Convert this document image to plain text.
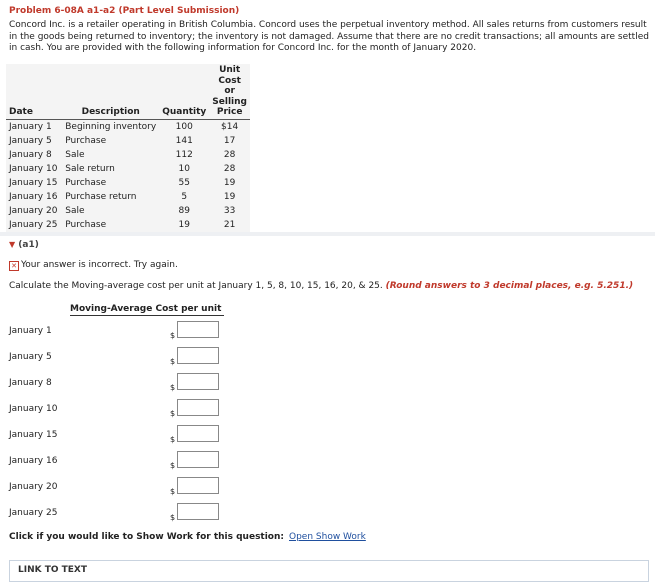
Problem 6-08A a1-a2 (Part Level Submission)
Concord Inc. is a retailer operating in British Columbia. Concord uses the perpetual inventory method. All sales returns from customers result in the goods being returned to inventory; the inventory is not damaged. Assume that there are no credit transactions; all amounts are settled in cash. You are provided with the following information for Concord Inc. for the month of January 2020.
Date	Description	Quantity	Unit
Cost or
Selling
Price

January 1	Beginning inventory	100	$14
January 5	Purchase	141	17
January 8	Sale	112	28
January 10	Sale return	10	28
January 15	Purchase	55	19
January 16	Purchase return	5	19
January 20	Sale	89	33
January 25	Purchase	19	21
▼ (a1)
✕ Your answer is incorrect. Try again.
Calculate the Moving-average cost per unit at January 1, 5, 8, 10, 15, 16, 20, & 25. (Round answers to 3 decimal places, e.g. 5.251.)
Moving-Average Cost per unit
January 1	$
January 5	$
January 8	$
January 10	$
January 15	$
January 16	$
January 20	$
January 25	$
Click if you would like to Show Work for this question: Open Show Work
LINK TO TEXT
